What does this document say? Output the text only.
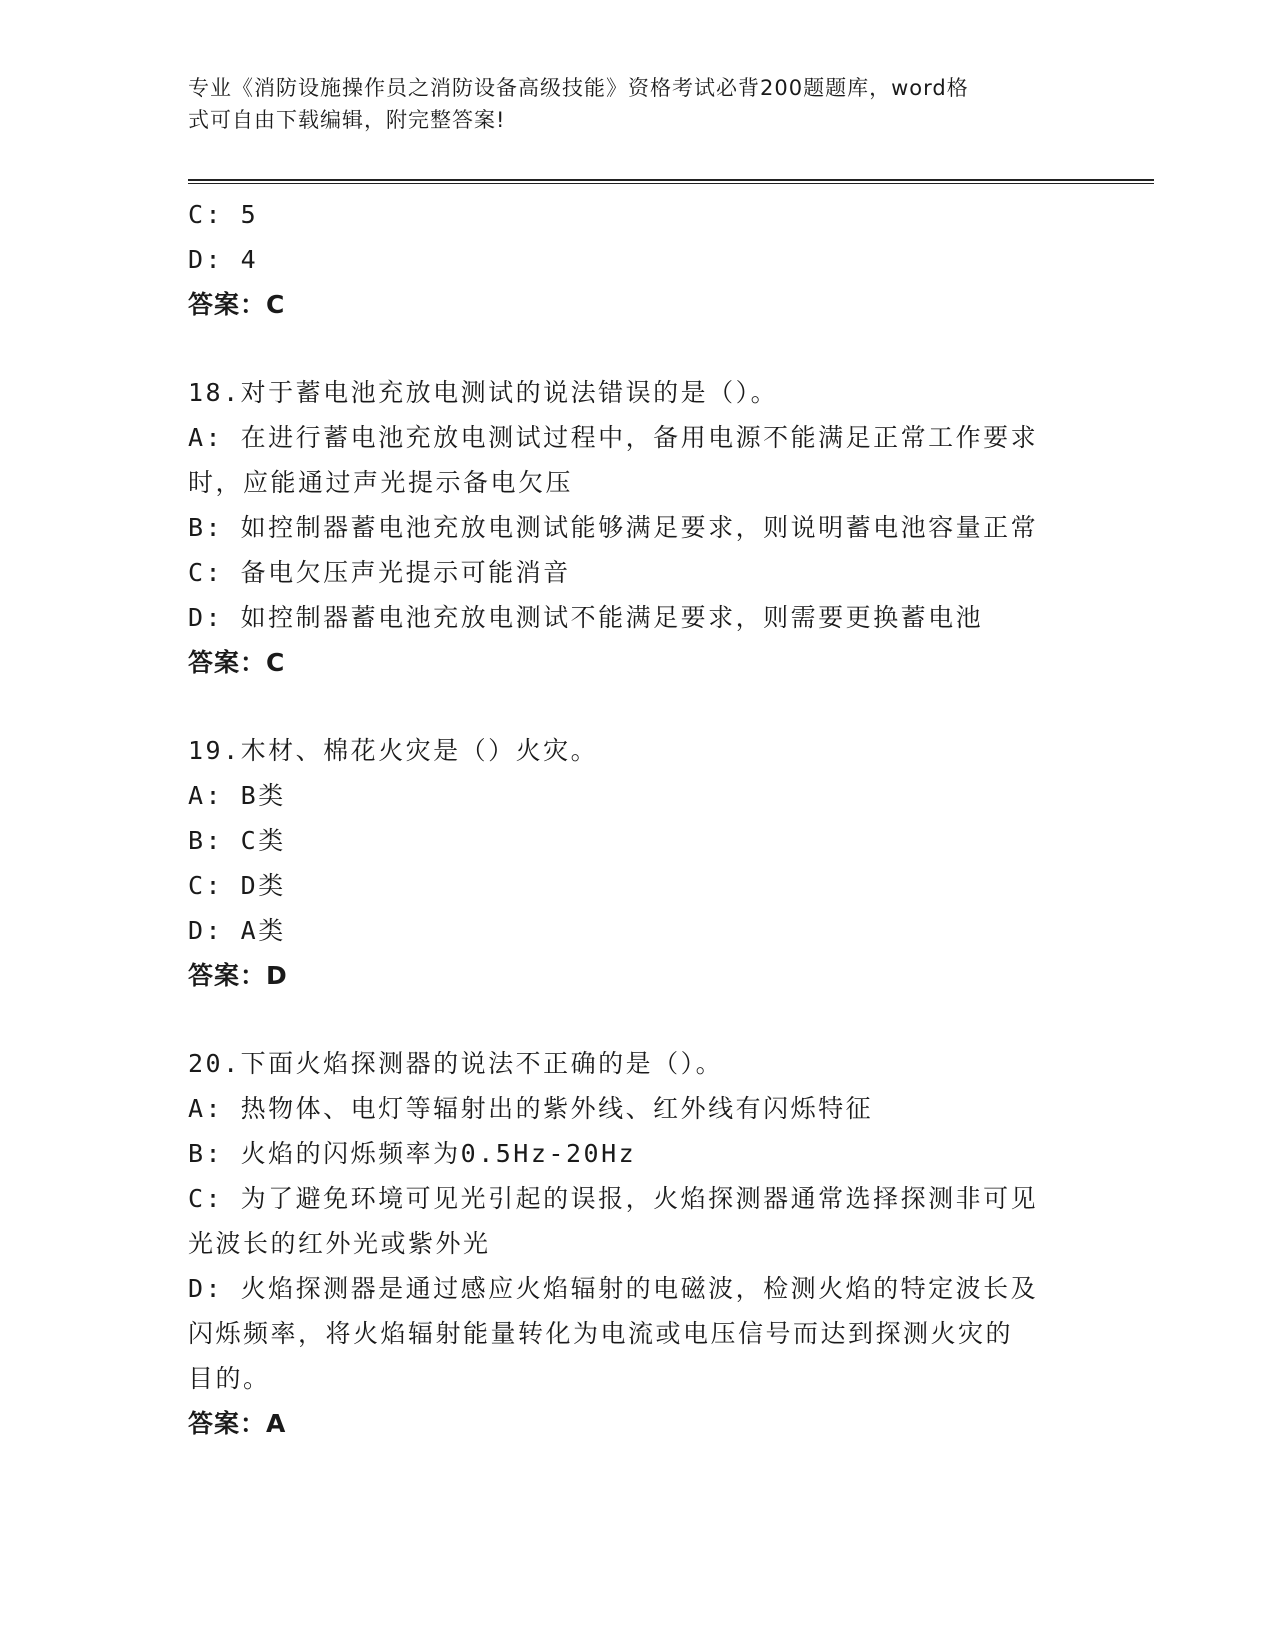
专业《消防设施操作员之消防设备高级技能》资格考试必背200题题库，word格
式可自由下载编辑，附完整答案!
C: 5
D: 4
答案：C
18.对于蓄电池充放电测试的说法错误的是（）。
A: 在进行蓄电池充放电测试过程中，备用电源不能满足正常工作要求
时，应能通过声光提示备电欠压
B: 如控制器蓄电池充放电测试能够满足要求，则说明蓄电池容量正常
C: 备电欠压声光提示可能消音
D: 如控制器蓄电池充放电测试不能满足要求，则需要更换蓄电池
答案：C
19.木材、棉花火灾是（）火灾。
A: B类
B: C类
C: D类
D: A类
答案：D
20.下面火焰探测器的说法不正确的是（）。
A: 热物体、电灯等辐射出的紫外线、红外线有闪烁特征
B: 火焰的闪烁频率为0.5Hz-20Hz
C: 为了避免环境可见光引起的误报，火焰探测器通常选择探测非可见
光波长的红外光或紫外光
D: 火焰探测器是通过感应火焰辐射的电磁波，检测火焰的特定波长及
闪烁频率，将火焰辐射能量转化为电流或电压信号而达到探测火灾的
目的。
答案：A
